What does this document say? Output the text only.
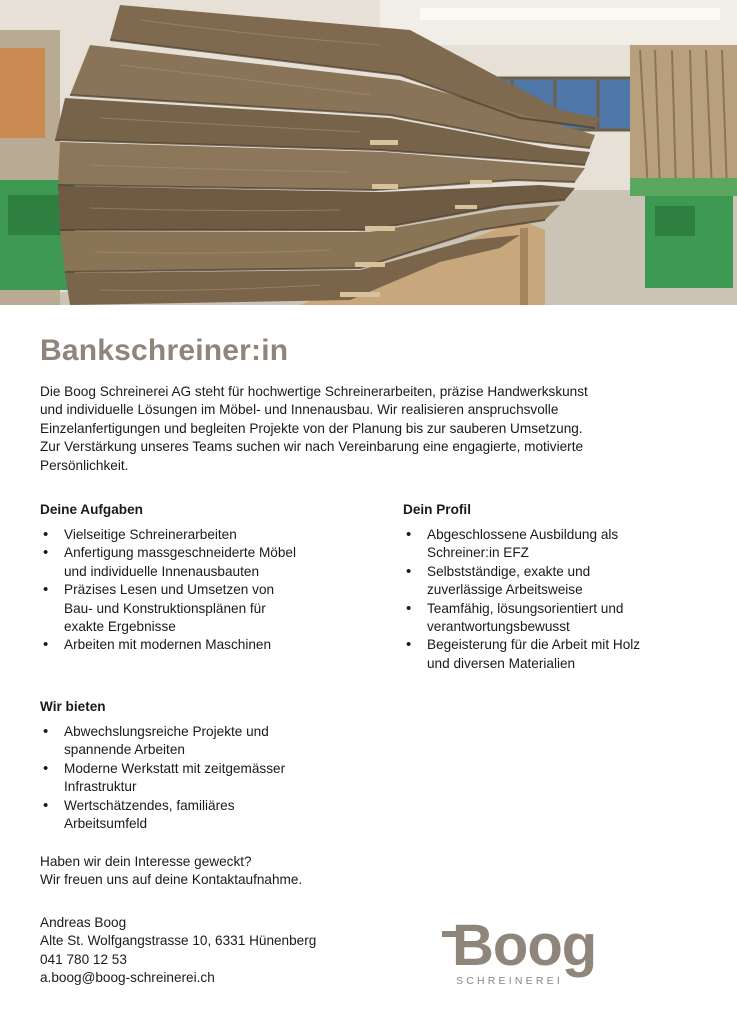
Bankschreiner:in

Die Boog Schreinerei AG steht für hochwertige Schreinerarbeiten, präzise Handwerkskunst und individuelle Lösungen im Möbel- und Innenausbau. Wir realisieren anspruchsvolle Einzelanfertigungen und begleiten Projekte von der Planung bis zur sauberen Umsetzung. Zur Verstärkung unseres Teams suchen wir nach Vereinbarung eine engagierte, motivierte Persönlichkeit.

Deine Aufgaben
• Vielseitige Schreinerarbeiten
• Anfertigung massgeschneiderte Möbel und individuelle Innenausbauten
• Präzises Lesen und Umsetzen von Bau- und Konstruktionsplänen für exakte Ergebnisse
• Arbeiten mit modernen Maschinen
Dein Profil
• Abgeschlossene Ausbildung als Schreiner:in EFZ
• Selbstständige, exakte und zuverlässige Arbeitsweise
• Teamfähig, lösungsorientiert und verantwortungsbewusst
• Begeisterung für die Arbeit mit Holz und diversen Materialien
Wir bieten
• Abwechslungsreiche Projekte und spannende Arbeiten
• Moderne Werkstatt mit zeitgemässer Infrastruktur
• Wertschätzendes, familiäres Arbeitsumfeld
Haben wir dein Interesse geweckt?
Wir freuen uns auf deine Kontaktaufnahme.
Andreas Boog
Alte St. Wolfgangstrasse 10, 6331 Hünenberg
041 780 12 53
a.boog@boog-schreinerei.ch	Boog
SCHREINEREI
